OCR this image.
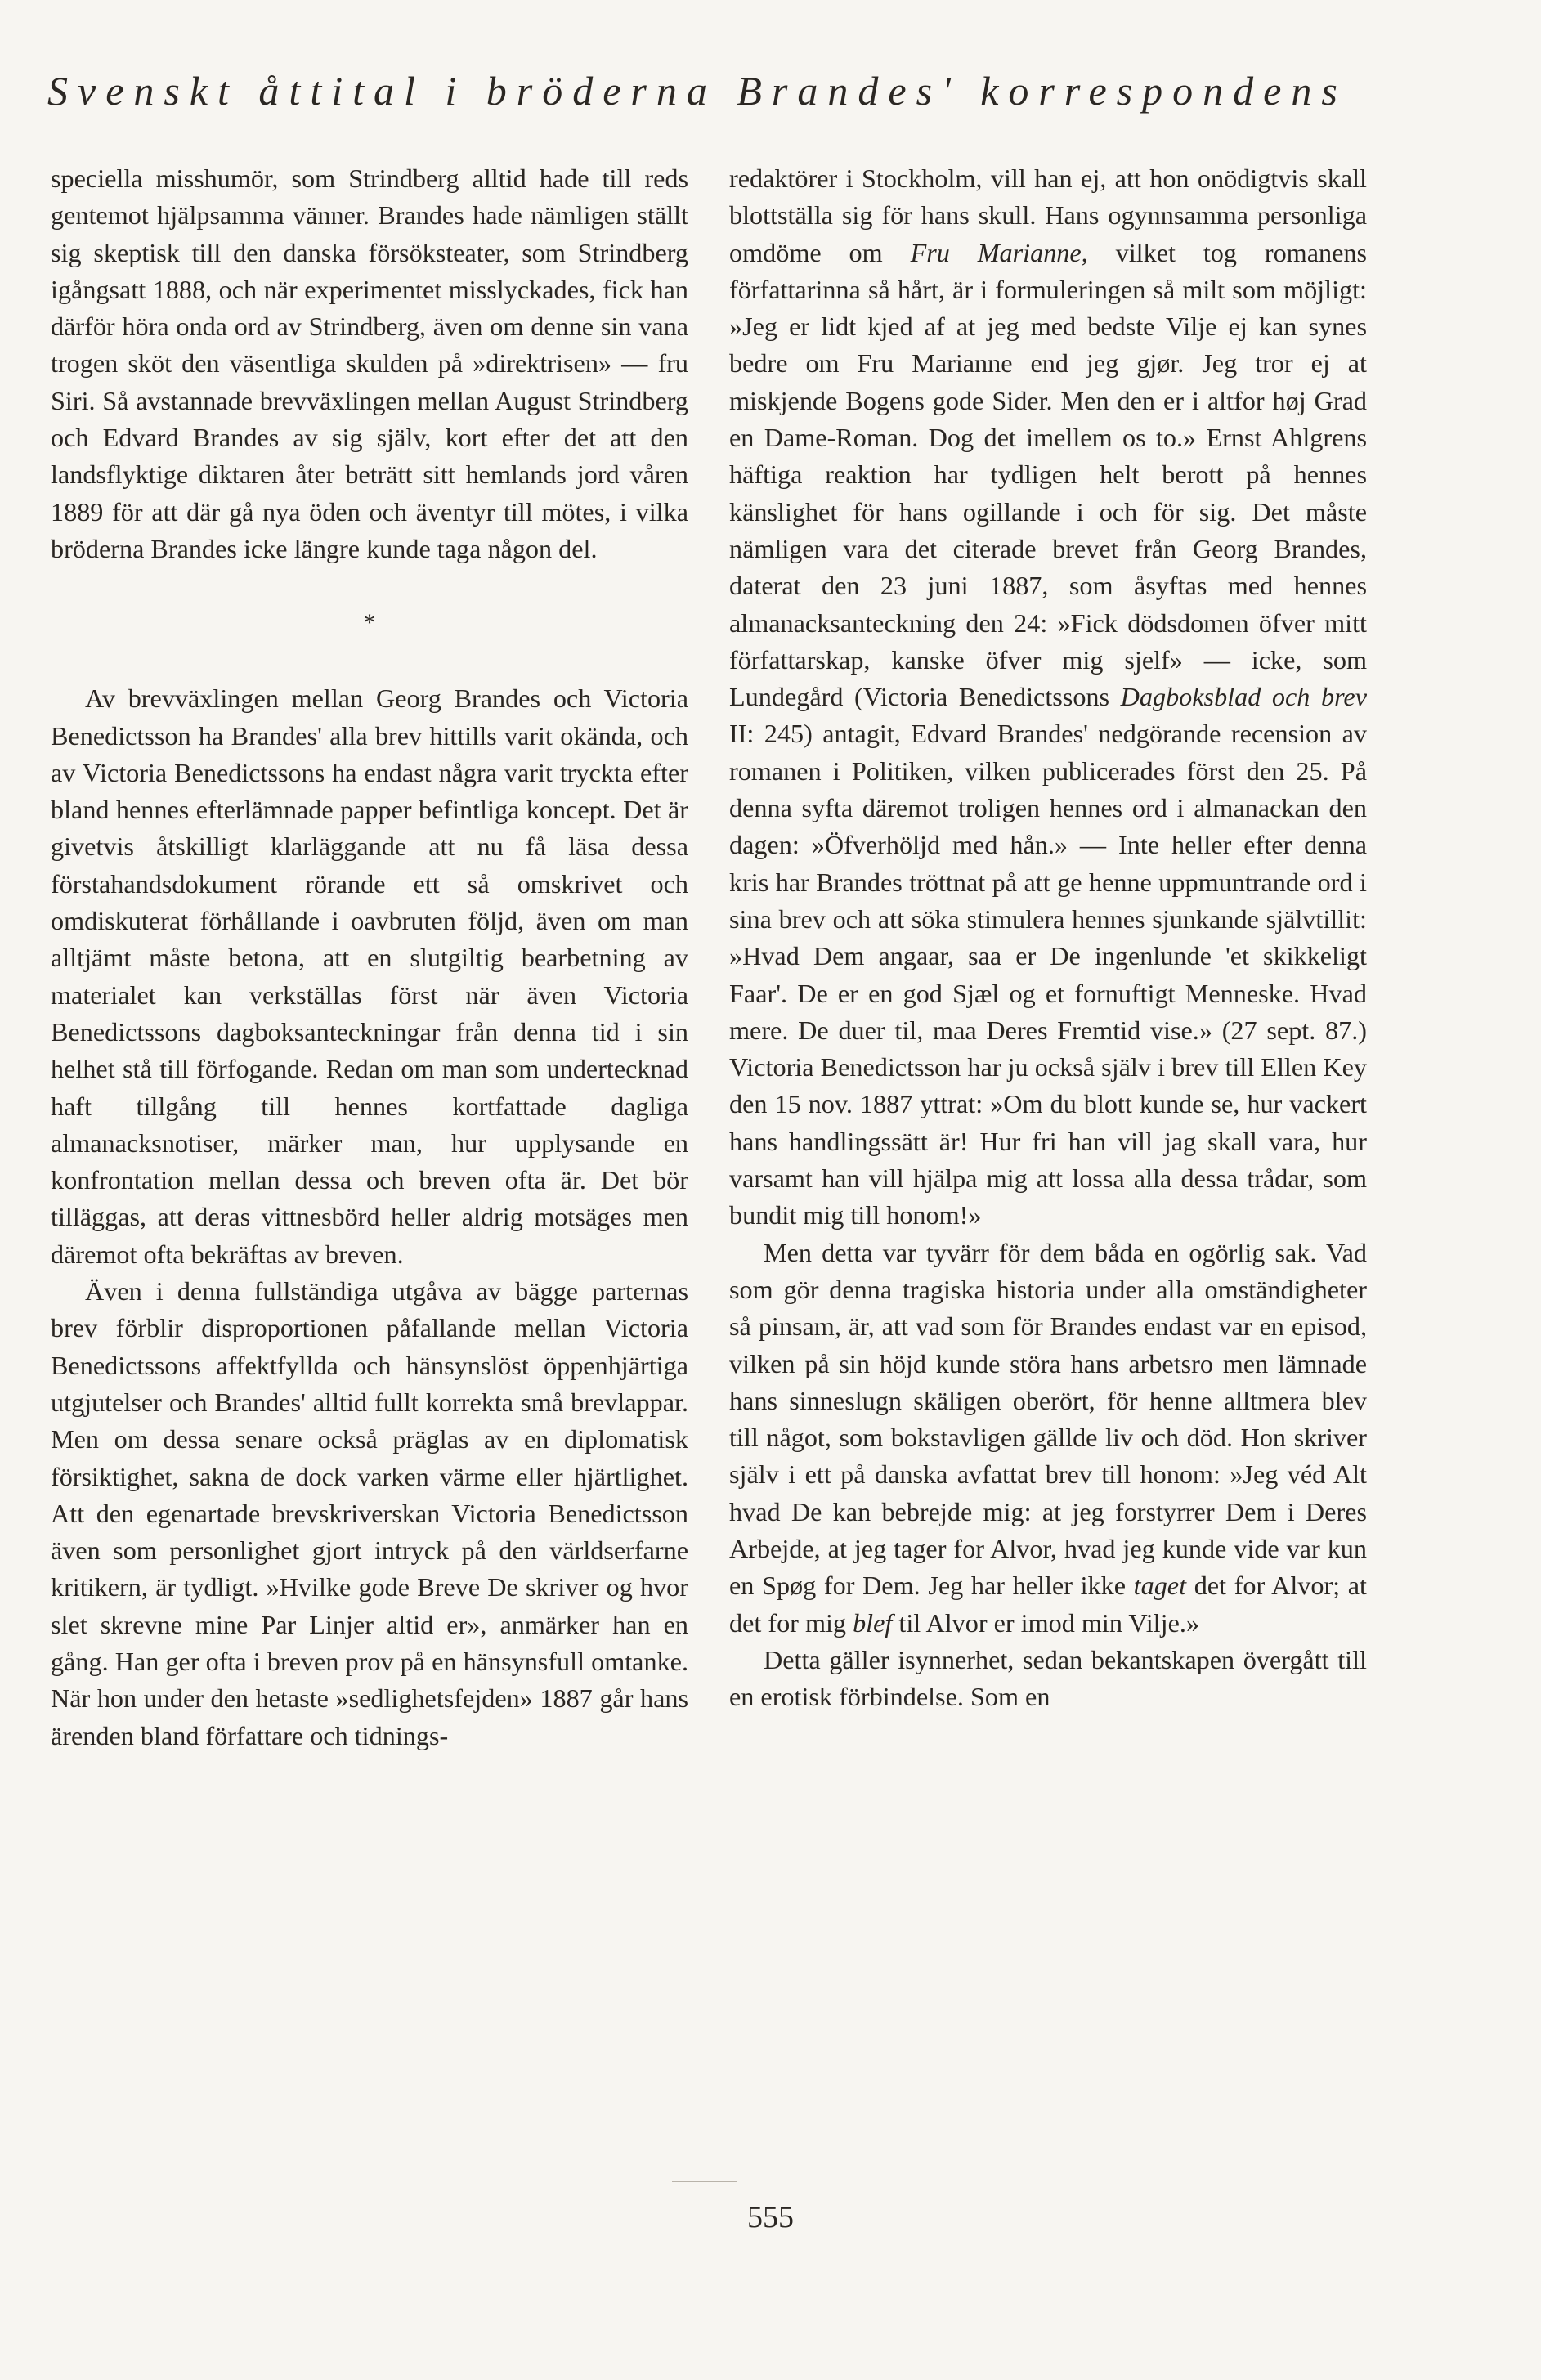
Svenskt åttital i bröderna Brandes' korrespondens

speciella misshumör, som Strindberg alltid hade till reds gentemot hjälpsamma vänner. Brandes hade nämligen ställt sig skeptisk till den danska försöksteater, som Strindberg igångsatt 1888, och när experimentet misslyckades, fick han därför höra onda ord av Strindberg, även om denne sin vana trogen sköt den väsentliga skulden på »direktrisen» — fru Siri. Så avstannade brevväxlingen mellan August Strindberg och Edvard Brandes av sig själv, kort efter det att den landsflyktige diktaren åter beträtt sitt hemlands jord våren 1889 för att där gå nya öden och äventyr till mötes, i vilka bröderna Brandes icke längre kunde taga någon del.

*

Av brevväxlingen mellan Georg Brandes och Victoria Benedictsson ha Brandes' alla brev hittills varit okända, och av Victoria Benedictssons ha endast några varit tryckta efter bland hennes efterlämnade papper befintliga koncept. Det är givetvis åtskilligt klarläggande att nu få läsa dessa förstahandsdokument rörande ett så omskrivet och omdiskuterat förhållande i oavbruten följd, även om man alltjämt måste betona, att en slutgiltig bearbetning av materialet kan verkställas först när även Victoria Benedictssons dagboksanteckningar från denna tid i sin helhet stå till förfogande. Redan om man som undertecknad haft tillgång till hennes kortfattade dagliga almanacksnotiser, märker man, hur upplysande en konfrontation mellan dessa och breven ofta är. Det bör tilläggas, att deras vittnesbörd heller aldrig motsäges men däremot ofta bekräftas av breven.

Även i denna fullständiga utgåva av bägge parternas brev förblir disproportionen påfallande mellan Victoria Benedictssons affektfyllda och hänsynslöst öppenhjärtiga utgjutelser och Brandes' alltid fullt korrekta små brevlappar. Men om dessa senare också präglas av en diplomatisk försiktighet, sakna de dock varken värme eller hjärtlighet. Att den egenartade brevskriverskan Victoria Benedictsson även som personlighet gjort intryck på den världserfarne kritikern, är tydligt. »Hvilke gode Breve De skriver og hvor slet skrevne mine Par Linjer altid er», anmärker han en gång. Han ger ofta i breven prov på en hänsynsfull omtanke. När hon under den hetaste »sedlighetsfejden» 1887 går hans ärenden bland författare och tidnings-

redaktörer i Stockholm, vill han ej, att hon onödigtvis skall blottställa sig för hans skull. Hans ogynnsamma personliga omdöme om Fru Marianne, vilket tog romanens författarinna så hårt, är i formuleringen så milt som möjligt: »Jeg er lidt kjed af at jeg med bedste Vilje ej kan synes bedre om Fru Marianne end jeg gjør. Jeg tror ej at miskjende Bogens gode Sider. Men den er i altfor høj Grad en Dame-Roman. Dog det imellem os to.» Ernst Ahlgrens häftiga reaktion har tydligen helt berott på hennes känslighet för hans ogillande i och för sig. Det måste nämligen vara det citerade brevet från Georg Brandes, daterat den 23 juni 1887, som åsyftas med hennes almanacksanteckning den 24: »Fick dödsdomen öfver mitt författarskap, kanske öfver mig sjelf» — icke, som Lundegård (Victoria Benedictssons Dagboksblad och brev II: 245) antagit, Edvard Brandes' nedgörande recension av romanen i Politiken, vilken publicerades först den 25. På denna syfta däremot troligen hennes ord i almanackan den dagen: »Öfverhöljd med hån.» — Inte heller efter denna kris har Brandes tröttnat på att ge henne uppmuntrande ord i sina brev och att söka stimulera hennes sjunkande självtillit: »Hvad Dem angaar, saa er De ingenlunde 'et skikkeligt Faar'. De er en god Sjæl og et fornuftigt Menneske. Hvad mere. De duer til, maa Deres Fremtid vise.» (27 sept. 87.) Victoria Benedictsson har ju också själv i brev till Ellen Key den 15 nov. 1887 yttrat: »Om du blott kunde se, hur vackert hans handlingssätt är! Hur fri han vill jag skall vara, hur varsamt han vill hjälpa mig att lossa alla dessa trådar, som bundit mig till honom!»

Men detta var tyvärr för dem båda en ogörlig sak. Vad som gör denna tragiska historia under alla omständigheter så pinsam, är, att vad som för Brandes endast var en episod, vilken på sin höjd kunde störa hans arbetsro men lämnade hans sinneslugn skäligen oberört, för henne alltmera blev till något, som bokstavligen gällde liv och död. Hon skriver själv i ett på danska avfattat brev till honom: »Jeg véd Alt hvad De kan bebrejde mig: at jeg forstyrrer Dem i Deres Arbejde, at jeg tager for Alvor, hvad jeg kunde vide var kun en Spøg for Dem. Jeg har heller ikke taget det for Alvor; at det for mig blef til Alvor er imod min Vilje.»

Detta gäller isynnerhet, sedan bekantskapen övergått till en erotisk förbindelse. Som en

555
